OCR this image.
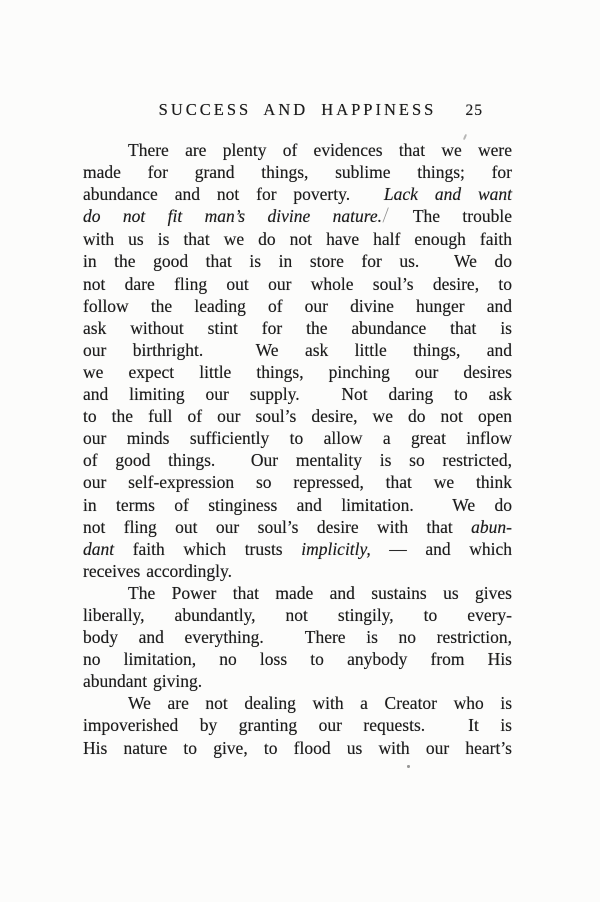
SUCCESS AND HAPPINESS 25
There are plenty of evidences that we were
made for grand things, sublime things; for
abundance and not for poverty.  Lack and want
do not fit man’s divine nature./ The trouble
with us is that we do not have half enough faith
in the good that is in store for us.  We do
not dare fling out our whole soul’s desire, to
follow the leading of our divine hunger and
ask without stint for the abundance that is
our birthright.  We ask little things, and
we expect little things, pinching our desires
and limiting our supply.  Not daring to ask
to the full of our soul’s desire, we do not open
our minds sufficiently to allow a great inflow
of good things.  Our mentality is so restricted,
our self-expression so repressed, that we think
in terms of stinginess and limitation.  We do
not fling out our soul’s desire with that abun-
dant faith which trusts implicitly, — and which
receives accordingly.
The Power that made and sustains us gives
liberally, abundantly, not stingily, to every-
body and everything.  There is no restriction,
no limitation, no loss to anybody from His
abundant giving.
We are not dealing with a Creator who is
impoverished by granting our requests.  It is
His nature to give, to flood us with our heart’s
